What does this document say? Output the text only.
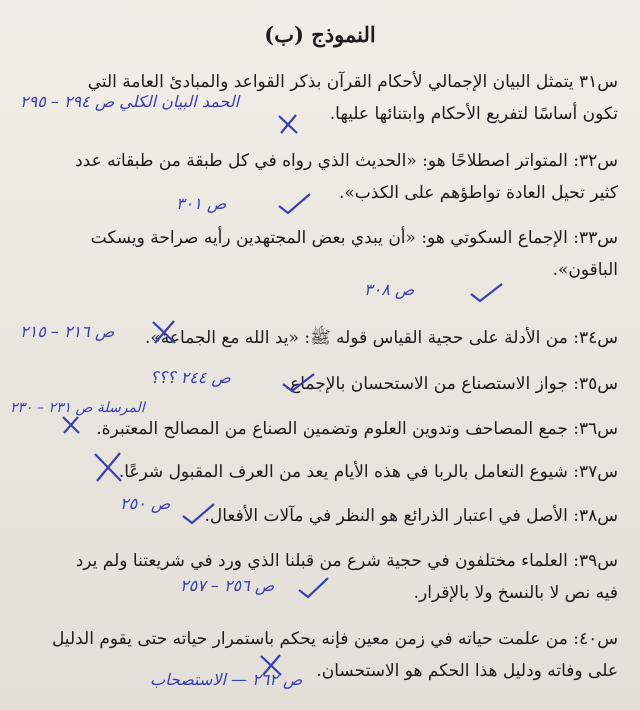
النموذج (ب)
س٣١ يتمثل البيان الإجمالي لأحكام القرآن بذكر القواعد والمبادئ العامة التي
تكون أساسًا لتفريع الأحكام وابتنائها عليها.
الحمد البيان الكلي ص ٢٩٤ – ٢٩٥
س٣٢: المتواتر اصطلاحًا هو: «الحديث الذي رواه في كل طبقة من طبقاته عدد
كثير تحيل العادة تواطؤهم على الكذب».
ص ٣٠١
س٣٣: الإجماع السكوتي هو: «أن يبدي بعض المجتهدين رأيه صراحة ويسكت
الباقون».
ص ٣٠٨
س٣٤: من الأدلة على حجية القياس قوله ﷺ: «يد الله مع الجماعة».
ص ٢١٦ – ٢١٥
س٣٥: جواز الاستصناع من الاستحسان بالإجماع.
ص ٢٤٤ ؟؟؟
س٣٦: جمع المصاحف وتدوين العلوم وتضمين الصناع من المصالح المعتبرة.
المرسلة ص ٢٣١ – ٢٣٠
س٣٧: شيوع التعامل بالربا في هذه الأيام يعد من العرف المقبول شرعًا.
س٣٨: الأصل في اعتبار الذرائع هو النظر في مآلات الأفعال.
ص ٢٥٠
س٣٩: العلماء مختلفون في حجية شرع من قبلنا الذي ورد في شريعتنا ولم يرد
فيه نص لا بالنسخ ولا بالإقرار.
ص ٢٥٦ – ٢٥٧
س٤٠: من علمت حياته في زمن معين فإنه يحكم باستمرار حياته حتى يقوم الدليل
على وفاته ودليل هذا الحكم هو الاستحسان.
ص ٢٦٢ — الاستصحاب
